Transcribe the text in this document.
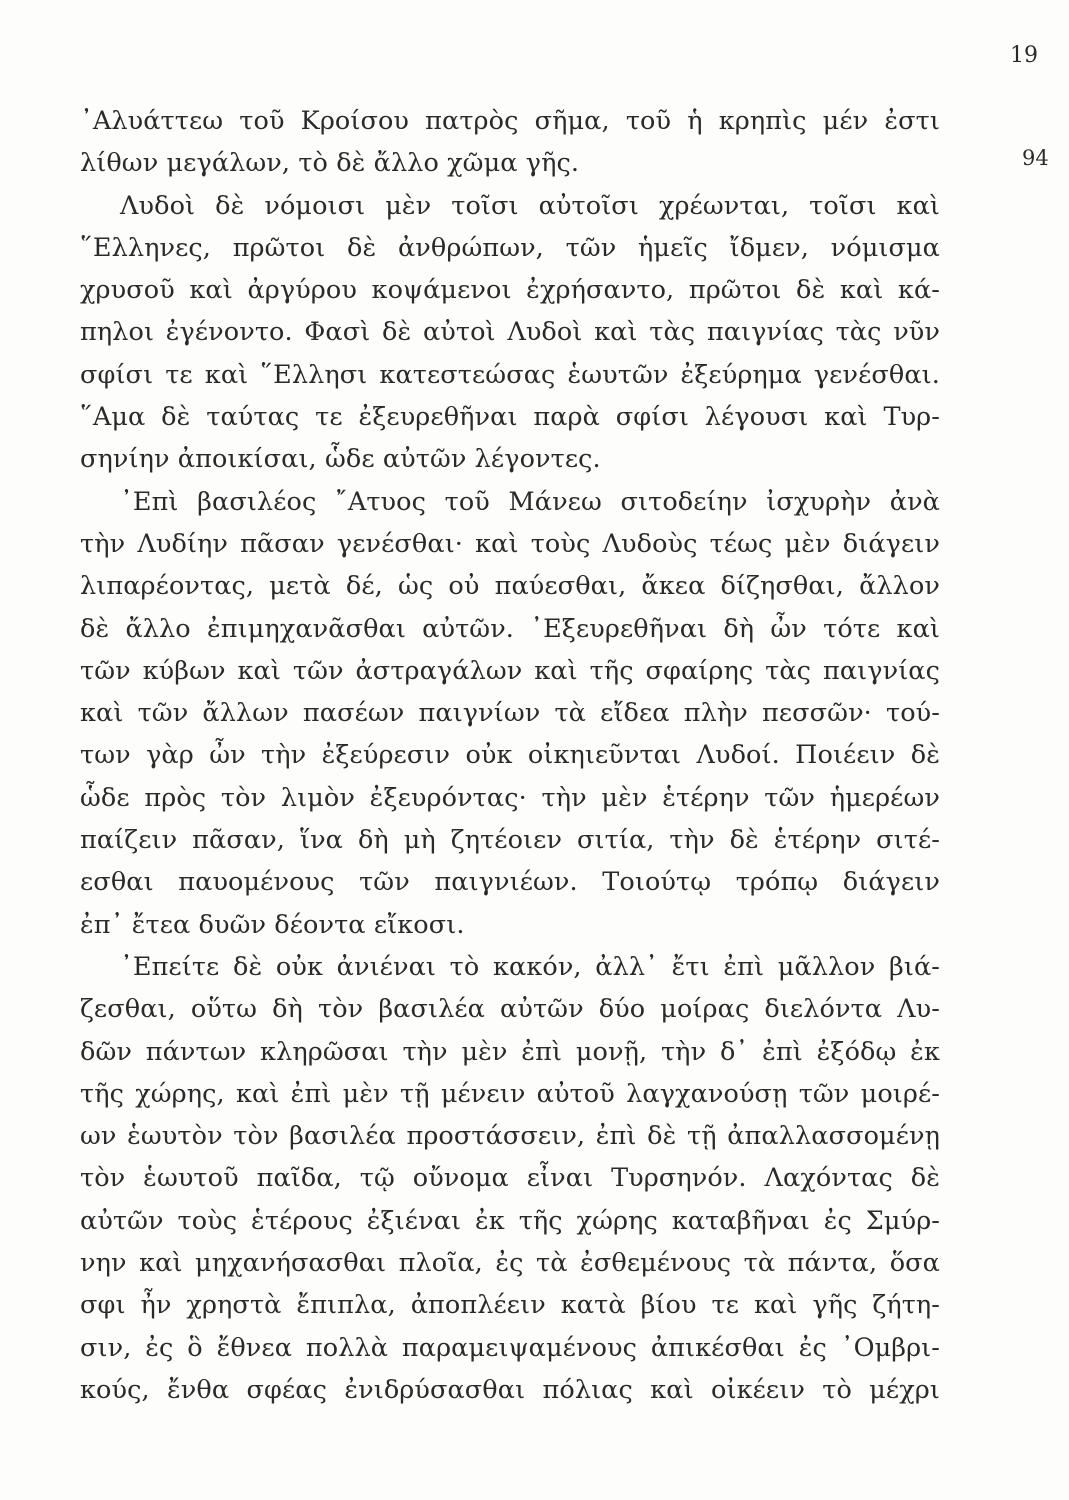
19
94
᾿Αλυάττεω τοῦ Κροίσου πατρὸς σῆμα, τοῦ ἡ κρηπὶς μέν ἐστι
λίθων μεγάλων, τὸ δὲ ἄλλο χῶμα γῆς.
Λυδοὶ δὲ νόμοισι μὲν τοῖσι αὐτοῖσι χρέωνται, τοῖσι καὶ
῞Ελληνες, πρῶτοι δὲ ἀνθρώπων, τῶν ἡμεῖς ἴδμεν, νόμισμα
χρυσοῦ καὶ ἀργύρου κοψάμενοι ἐχρήσαντο, πρῶτοι δὲ καὶ κά-
πηλοι ἐγένοντο. Φασὶ δὲ αὐτοὶ Λυδοὶ καὶ τὰς παιγνίας τὰς νῦν
σφίσι τε καὶ ῞Ελλησι κατεστεώσας ἑωυτῶν ἐξεύρημα γενέσθαι.
῞Αμα δὲ ταύτας τε ἐξευρεθῆναι παρὰ σφίσι λέγουσι καὶ Τυρ-
σηνίην ἀποικίσαι, ὧδε αὐτῶν λέγοντες.
᾿Επὶ βασιλέος ῎Ατυος τοῦ Μάνεω σιτοδείην ἰσχυρὴν ἀνὰ
τὴν Λυδίην πᾶσαν γενέσθαι· καὶ τοὺς Λυδοὺς τέως μὲν διάγειν
λιπαρέοντας, μετὰ δέ, ὡς οὐ παύεσθαι, ἄκεα δίζησθαι, ἄλλον
δὲ ἄλλο ἐπιμηχανᾶσθαι αὐτῶν. ᾿Εξευρεθῆναι δὴ ὦν τότε καὶ
τῶν κύβων καὶ τῶν ἀστραγάλων καὶ τῆς σφαίρης τὰς παιγνίας
καὶ τῶν ἄλλων πασέων παιγνίων τὰ εἴδεα πλὴν πεσσῶν· τού-
των γὰρ ὦν τὴν ἐξεύρεσιν οὐκ οἰκηιεῦνται Λυδοί. Ποιέειν δὲ
ὧδε πρὸς τὸν λιμὸν ἐξευρόντας· τὴν μὲν ἑτέρην τῶν ἡμερέων
παίζειν πᾶσαν, ἵνα δὴ μὴ ζητέοιεν σιτία, τὴν δὲ ἑτέρην σιτέ-
εσθαι παυομένους τῶν παιγνιέων. Τοιούτῳ τρόπῳ διάγειν
ἐπ᾿ ἔτεα δυῶν δέοντα εἴκοσι.
᾿Επείτε δὲ οὐκ ἀνιέναι τὸ κακόν, ἀλλ᾿ ἔτι ἐπὶ μᾶλλον βιά-
ζεσθαι, οὕτω δὴ τὸν βασιλέα αὐτῶν δύο μοίρας διελόντα Λυ-
δῶν πάντων κληρῶσαι τὴν μὲν ἐπὶ μονῇ, τὴν δ᾿ ἐπὶ ἐξόδῳ ἐκ
τῆς χώρης, καὶ ἐπὶ μὲν τῇ μένειν αὐτοῦ λαγχανούσῃ τῶν μοιρέ-
ων ἑωυτὸν τὸν βασιλέα προστάσσειν, ἐπὶ δὲ τῇ ἀπαλλασσομένῃ
τὸν ἑωυτοῦ παῖδα, τῷ οὔνομα εἶναι Τυρσηνόν. Λαχόντας δὲ
αὐτῶν τοὺς ἑτέρους ἐξιέναι ἐκ τῆς χώρης καταβῆναι ἐς Σμύρ-
νην καὶ μηχανήσασθαι πλοῖα, ἐς τὰ ἐσθεμένους τὰ πάντα, ὅσα
σφι ἦν χρηστὰ ἔπιπλα, ἀποπλέειν κατὰ βίου τε καὶ γῆς ζήτη-
σιν, ἐς ὃ ἔθνεα πολλὰ παραμειψαμένους ἀπικέσθαι ἐς ᾿Ομβρι-
κούς, ἔνθα σφέας ἐνιδρύσασθαι πόλιας καὶ οἰκέειν τὸ μέχρι
